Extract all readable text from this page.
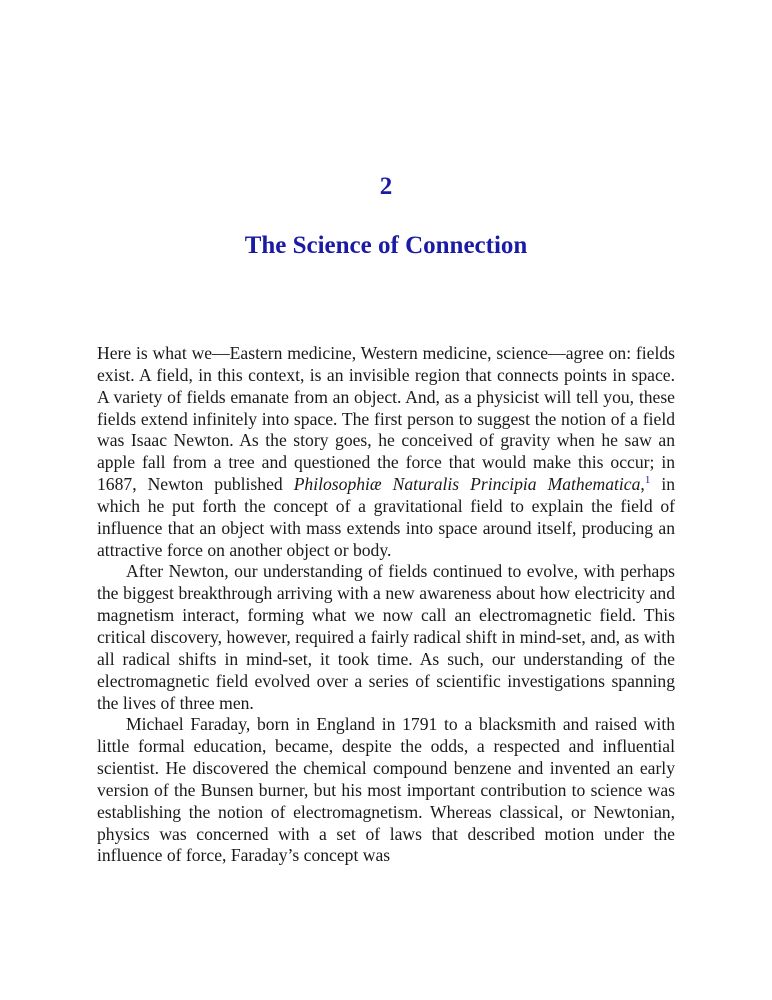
2
The Science of Connection

Here is what we—Eastern medicine, Western medicine, science—agree on: fields exist. A field, in this context, is an invisible region that connects points in space. A variety of fields emanate from an object. And, as a physicist will tell you, these fields extend infinitely into space. The first person to suggest the notion of a field was Isaac Newton. As the story goes, he conceived of gravity when he saw an apple fall from a tree and questioned the force that would make this occur; in 1687, Newton published Philosophiæ Naturalis Principia Mathematica,$^1$ in which he put forth the concept of a gravitational field to explain the field of influence that an object with mass extends into space around itself, producing an attractive force on another object or body.

After Newton, our understanding of fields continued to evolve, with perhaps the biggest breakthrough arriving with a new awareness about how electricity and magnetism interact, forming what we now call an electromagnetic field. This critical discovery, however, required a fairly radical shift in mind-set, and, as with all radical shifts in mind-set, it took time. As such, our understanding of the electromagnetic field evolved over a series of scientific investigations spanning the lives of three men.

Michael Faraday, born in England in 1791 to a blacksmith and raised with little formal education, became, despite the odds, a respected and influential scientist. He discovered the chemical compound benzene and invented an early version of the Bunsen burner, but his most important contribution to science was establishing the notion of electromagnetism. Whereas classical, or Newtonian, physics was concerned with a set of laws that described motion under the influence of force, Faraday’s concept was
